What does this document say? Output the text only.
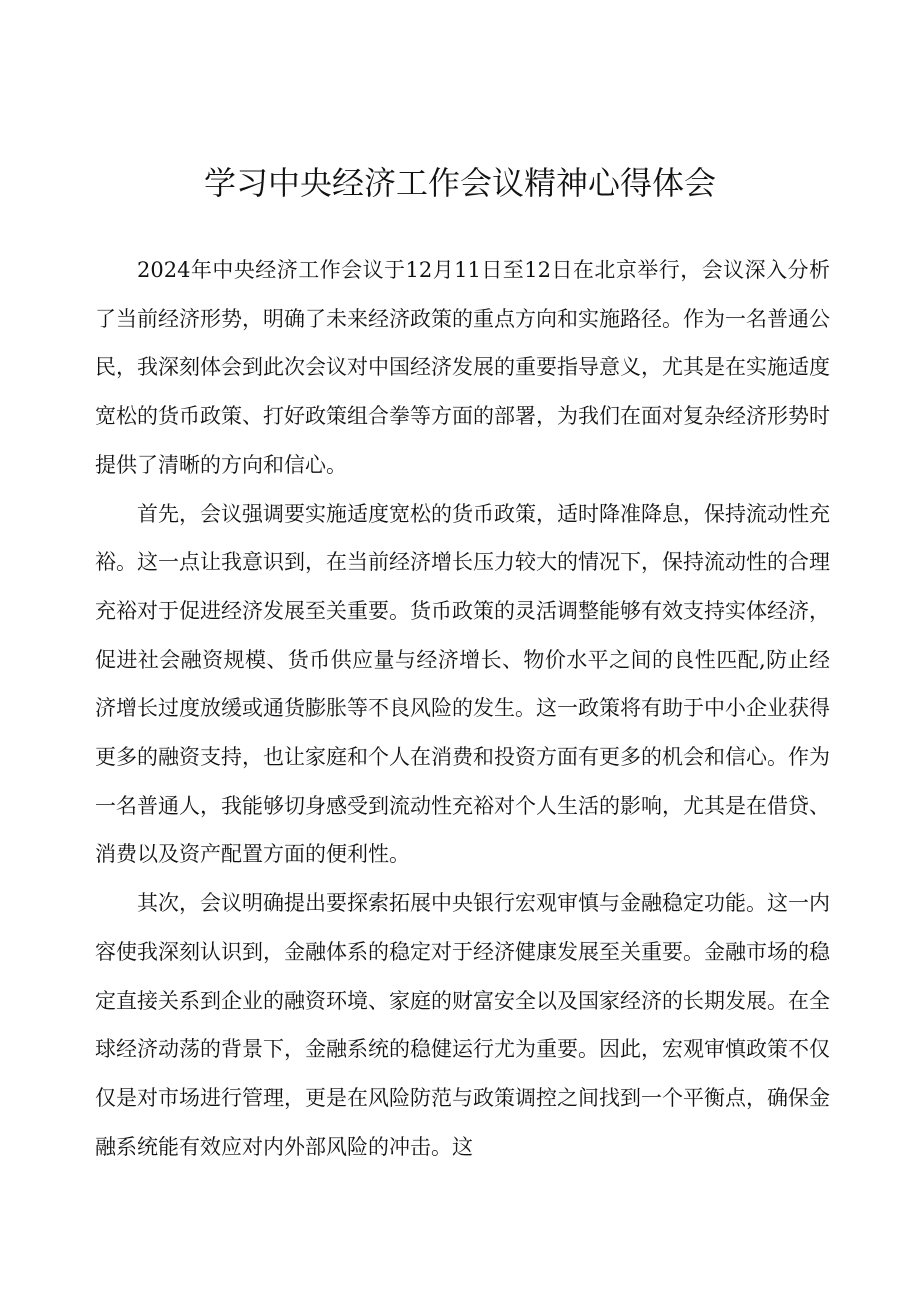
学习中央经济工作会议精神心得体会

2024年中央经济工作会议于12月11日至12日在北京举行，会议深入分析了当前经济形势，明确了未来经济政策的重点方向和实施路径。作为一名普通公民，我深刻体会到此次会议对中国经济发展的重要指导意义，尤其是在实施适度宽松的货币政策、打好政策组合拳等方面的部署，为我们在面对复杂经济形势时提供了清晰的方向和信心。

首先，会议强调要实施适度宽松的货币政策，适时降准降息，保持流动性充裕。这一点让我意识到，在当前经济增长压力较大的情况下，保持流动性的合理充裕对于促进经济发展至关重要。货币政策的灵活调整能够有效支持实体经济，促进社会融资规模、货币供应量与经济增长、物价水平之间的良性匹配,防止经济增长过度放缓或通货膨胀等不良风险的发生。这一政策将有助于中小企业获得更多的融资支持，也让家庭和个人在消费和投资方面有更多的机会和信心。作为一名普通人，我能够切身感受到流动性充裕对个人生活的影响，尤其是在借贷、消费以及资产配置方面的便利性。

其次，会议明确提出要探索拓展中央银行宏观审慎与金融稳定功能。这一内容使我深刻认识到，金融体系的稳定对于经济健康发展至关重要。金融市场的稳定直接关系到企业的融资环境、家庭的财富安全以及国家经济的长期发展。在全球经济动荡的背景下，金融系统的稳健运行尤为重要。因此，宏观审慎政策不仅仅是对市场进行管理，更是在风险防范与政策调控之间找到一个平衡点，确保金融系统能有效应对内外部风险的冲击。这
